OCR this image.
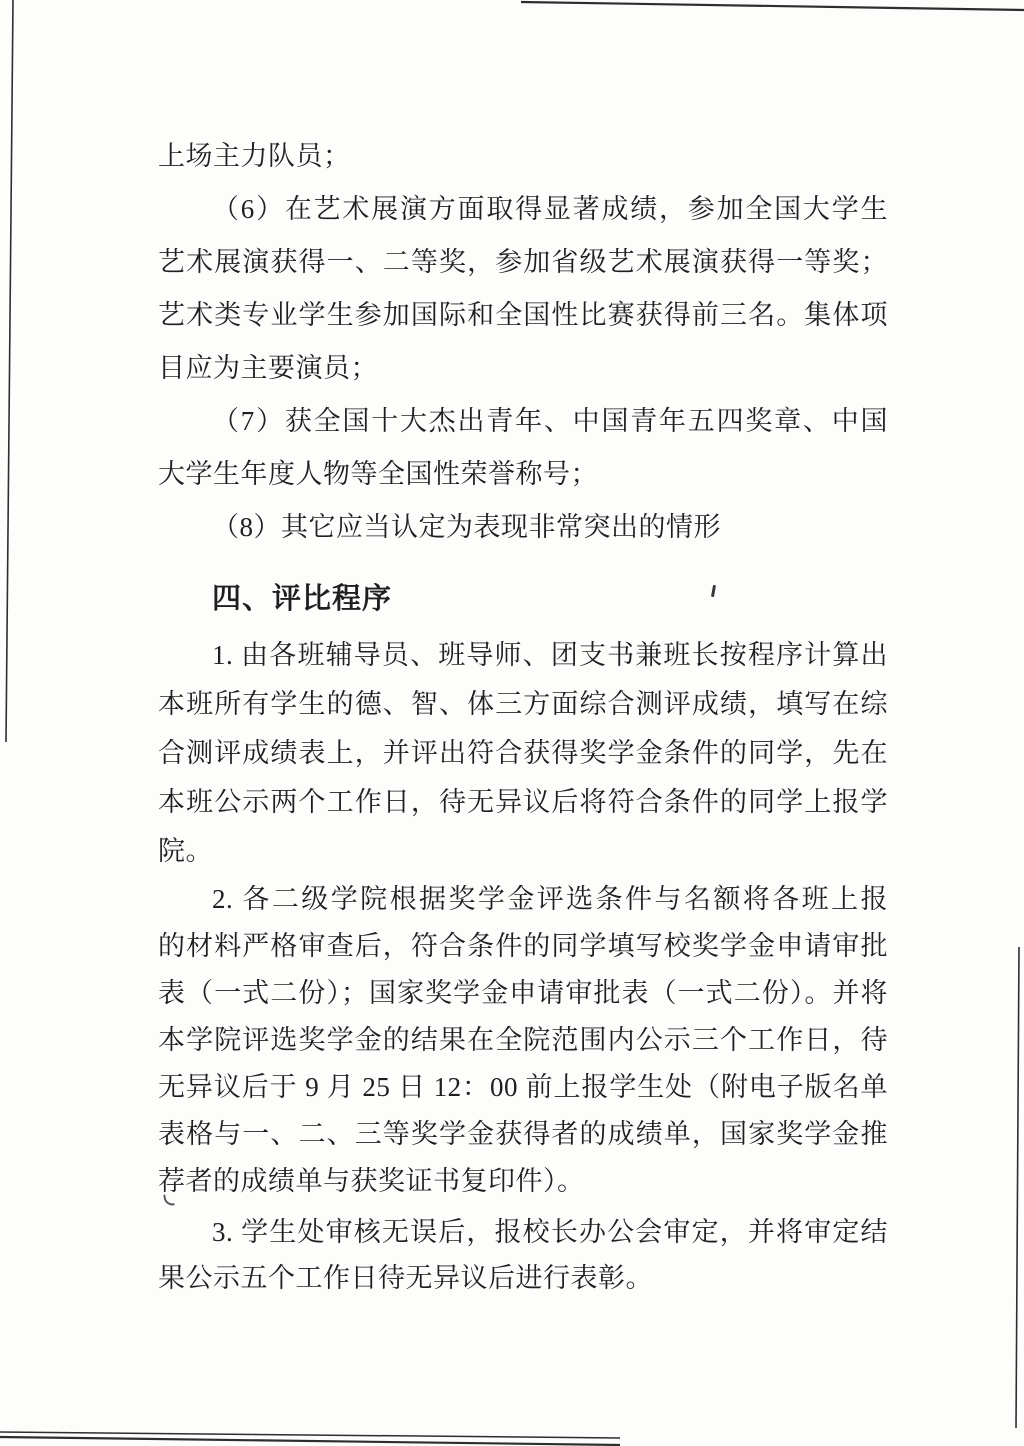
上场主力队员；
（6）在艺术展演方面取得显著成绩，参加全国大学生
艺术展演获得一、二等奖，参加省级艺术展演获得一等奖；
艺术类专业学生参加国际和全国性比赛获得前三名。集体项
目应为主要演员；
（7）获全国十大杰出青年、中国青年五四奖章、中国
大学生年度人物等全国性荣誉称号；
（8）其它应当认定为表现非常突出的情形
四、评比程序
1. 由各班辅导员、班导师、团支书兼班长按程序计算出
本班所有学生的德、智、体三方面综合测评成绩，填写在综
合测评成绩表上，并评出符合获得奖学金条件的同学，先在
本班公示两个工作日，待无异议后将符合条件的同学上报学
院。
2. 各二级学院根据奖学金评选条件与名额将各班上报
的材料严格审查后，符合条件的同学填写校奖学金申请审批
表（一式二份）；国家奖学金申请审批表（一式二份）。并将
本学院评选奖学金的结果在全院范围内公示三个工作日，待
无异议后于 9 月 25 日 12：00 前上报学生处（附电子版名单
表格与一、二、三等奖学金获得者的成绩单，国家奖学金推
荐者的成绩单与获奖证书复印件）。
3. 学生处审核无误后，报校长办公会审定，并将审定结
果公示五个工作日待无异议后进行表彰。
